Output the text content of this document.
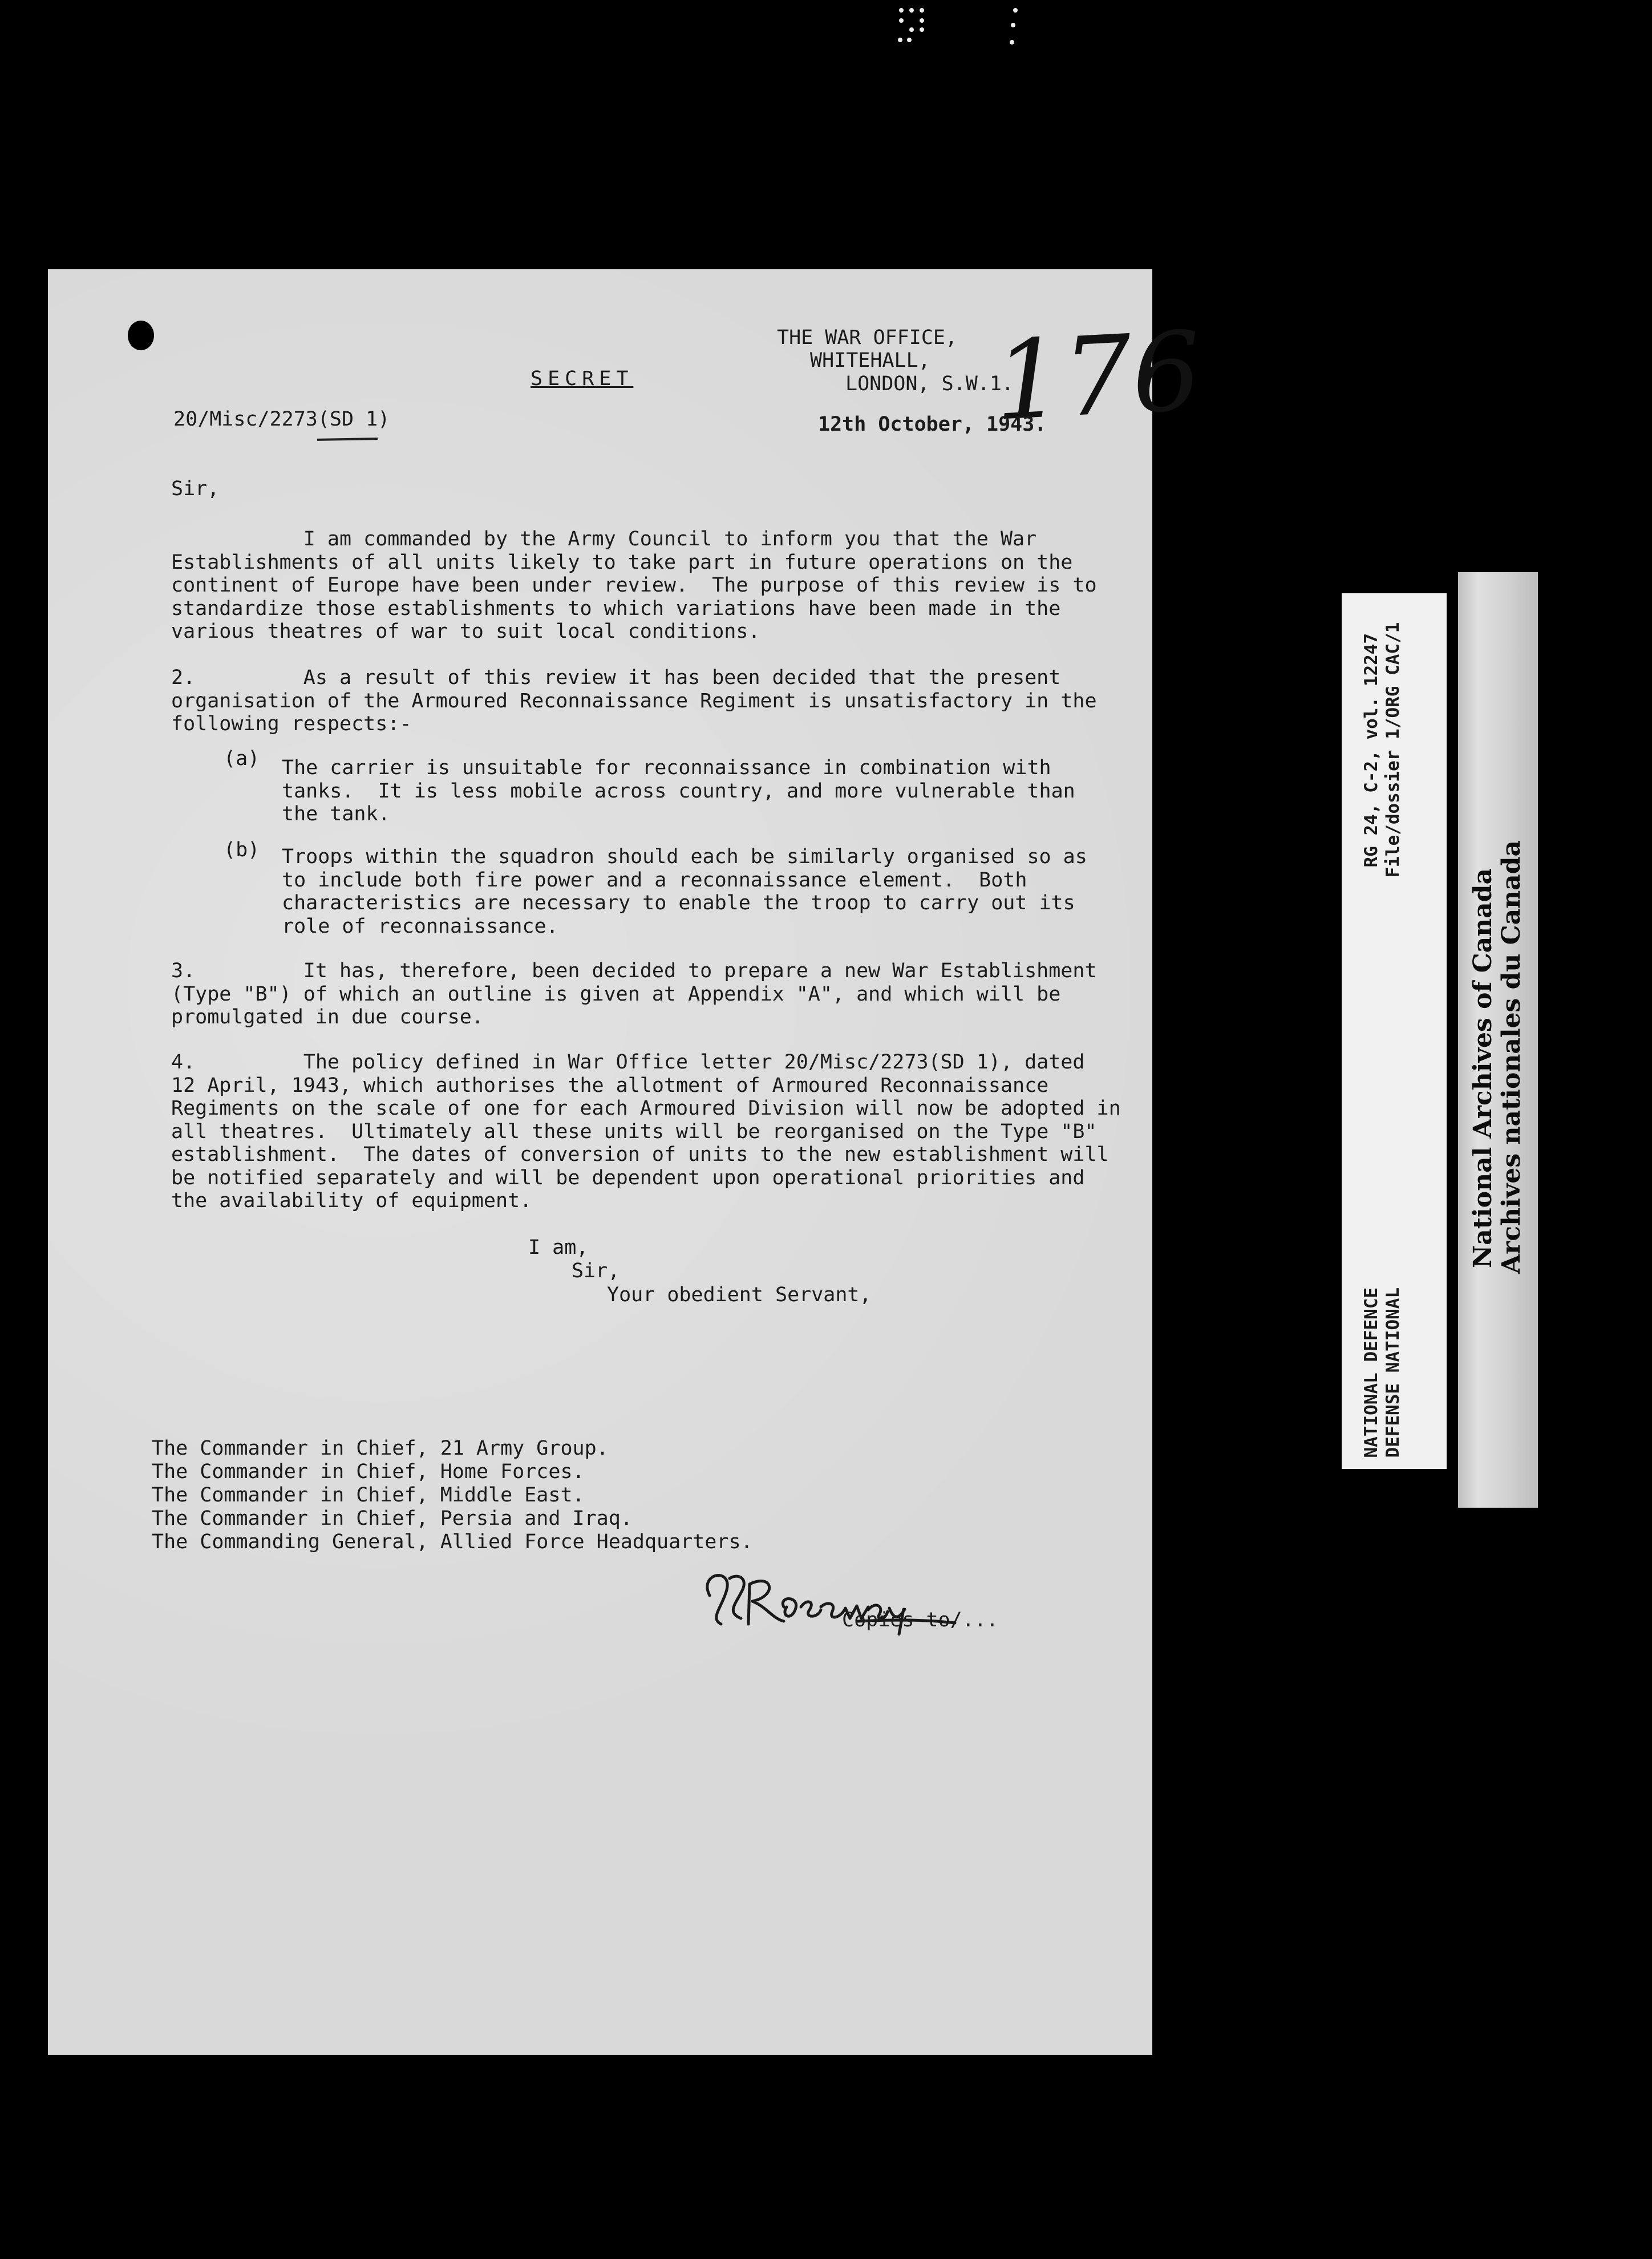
THE WAR OFFICE,
WHITEHALL,
LONDON, S.W.1.
176
SECRET
20/Misc/2273(SD 1)	12th October, 1943.
Sir,
I am commanded by the Army Council to inform you that the War
Establishments of all units likely to take part in future operations on the
continent of Europe have been under review.  The purpose of this review is to
standardize those establishments to which variations have been made in the
various theatres of war to suit local conditions.
2.         As a result of this review it has been decided that the present
organisation of the Armoured Reconnaissance Regiment is unsatisfactory in the
following respects:-
(a) The carrier is unsuitable for reconnaissance in combination with
tanks.  It is less mobile across country, and more vulnerable than
the tank.
(b) Troops within the squadron should each be similarly organised so as
to include both fire power and a reconnaissance element.  Both
characteristics are necessary to enable the troop to carry out its
role of reconnaissance.
3.         It has, therefore, been decided to prepare a new War Establishment
(Type "B") of which an outline is given at Appendix "A", and which will be
promulgated in due course.
4.         The policy defined in War Office letter 20/Misc/2273(SD 1), dated
12 April, 1943, which authorises the allotment of Armoured Reconnaissance
Regiments on the scale of one for each Armoured Division will now be adopted in
all theatres.  Ultimately all these units will be reorganised on the Type "B"
establishment.  The dates of conversion of units to the new establishment will
be notified separately and will be dependent upon operational priorities and
the availability of equipment.
I am,
Sir,
Your obedient Servant,
The Commander in Chief, 21 Army Group.
The Commander in Chief, Home Forces.
The Commander in Chief, Middle East.
The Commander in Chief, Persia and Iraq.
The Commanding General, Allied Force Headquarters.
Copies to/...
RG 24, C-2, vol. 12247 File/dossier 1/ORG CAC/1
NATIONAL DEFENCE DEFENSE NATIONAL
National Archives of Canada Archives nationales du Canada
